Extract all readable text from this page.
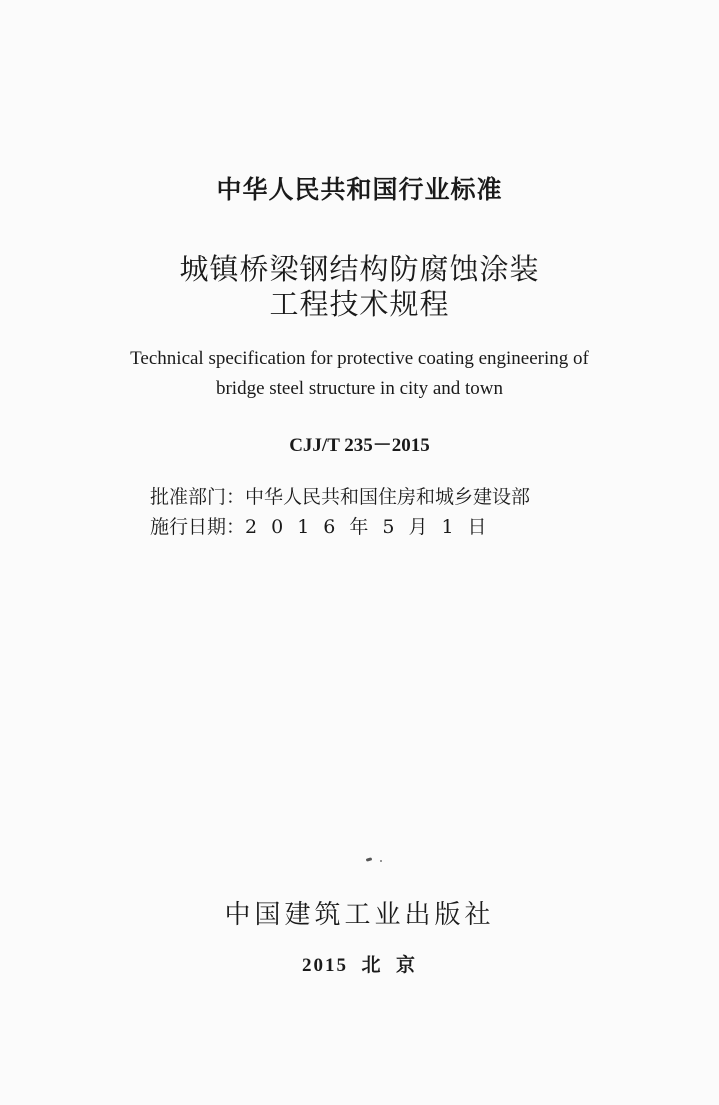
中华人民共和国行业标准
城镇桥梁钢结构防腐蚀涂装
工程技术规程
Technical specification for protective coating engineering of
bridge steel structure in city and town
CJJ/T 235－2015
批准部门：中华人民共和国住房和城乡建设部
施行日期：2016年5月1日
中国建筑工业出版社
2015  北  京
